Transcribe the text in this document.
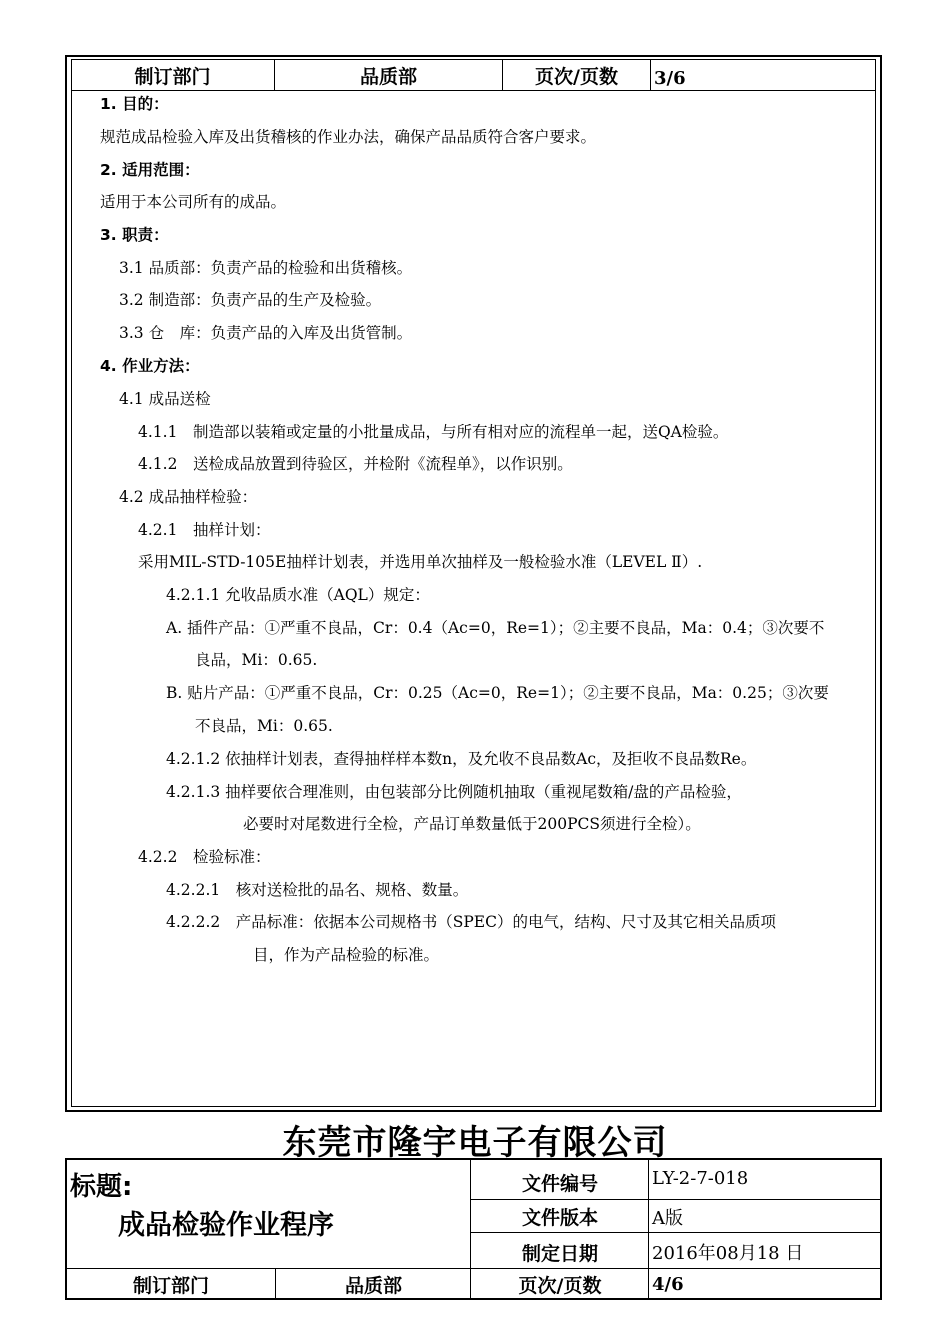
制订部门	品质部	页次/页数	3/6
1. 目的：
规范成品检验入库及出货稽核的作业办法，确保产品品质符合客户要求。
2. 适用范围：
适用于本公司所有的成品。
3. 职责：
3.1 品质部：负责产品的检验和出货稽核。
3.2 制造部：负责产品的生产及检验。
3.3 仓　库：负责产品的入库及出货管制。
4. 作业方法：
4.1 成品送检
4.1.1　制造部以装箱或定量的小批量成品，与所有相对应的流程单一起，送QA检验。
4.1.2　送检成品放置到待验区，并检附《流程单》，以作识别。
4.2 成品抽样检验：
4.2.1　抽样计划：
采用MIL-STD-105E抽样计划表，并选用单次抽样及一般检验水准（LEVEL Ⅱ）.
4.2.1.1 允收品质水准（AQL）规定：
A. 插件产品：①严重不良品，Cr：0.4（Ac=0，Re=1）；②主要不良品，Ma：0.4；③次要不
良品，Mi：0.65.
B. 贴片产品：①严重不良品，Cr：0.25（Ac=0，Re=1）；②主要不良品，Ma：0.25；③次要
不良品，Mi：0.65.
4.2.1.2 依抽样计划表，查得抽样样本数n，及允收不良品数Ac，及拒收不良品数Re。
4.2.1.3 抽样要依合理准则，由包装部分比例随机抽取（重视尾数箱/盘的产品检验，
必要时对尾数进行全检，产品订单数量低于200PCS须进行全检）。
4.2.2　检验标准：
4.2.2.1　核对送检批的品名、规格、数量。
4.2.2.2　产品标准：依据本公司规格书（SPEC）的电气，结构、尺寸及其它相关品质项
目，作为产品检验的标准。
东莞市隆宇电子有限公司
标题:
成品检验作业程序
文件编号	LY-2-7-018
文件版本	A版
制定日期	2016年08月18 日
制订部门	品质部	页次/页数	4/6
